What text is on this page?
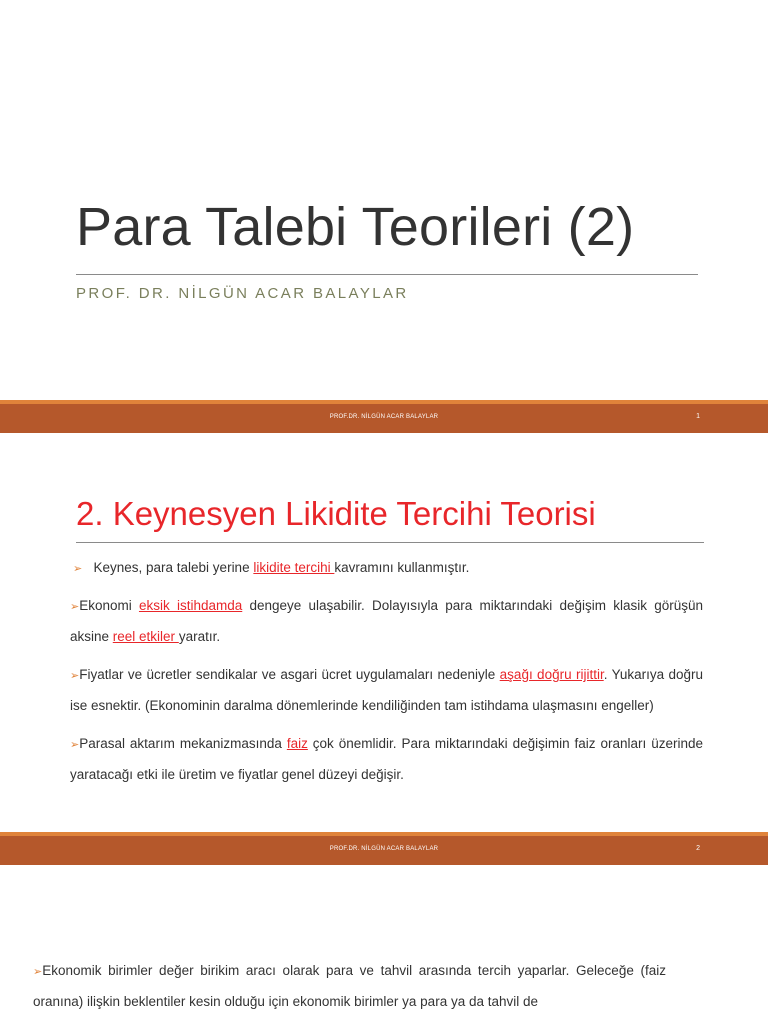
Para Talebi Teorileri (2)
PROF. DR. NİLGÜN ACAR BALAYLAR
PROF.DR. NİLGÜN ACAR BALAYLAR	1
2. Keynesyen Likidite Tercihi Teorisi

➢ Keynes, para talebi yerine likidite tercihi kavramını kullanmıştır.

➢Ekonomi eksik istihdamda dengeye ulaşabilir. Dolayısıyla para miktarındaki değişim klasik görüşün aksine reel etkiler yaratır.

➢Fiyatlar ve ücretler sendikalar ve asgari ücret uygulamaları nedeniyle aşağı doğru rijittir. Yukarıya doğru ise esnektir. (Ekonominin daralma dönemlerinde kendiliğinden tam istihdama ulaşmasını engeller)

➢Parasal aktarım mekanizmasında faiz çok önemlidir. Para miktarındaki değişimin faiz oranları üzerinde yaratacağı etki ile üretim ve fiyatlar genel düzeyi değişir.

PROF.DR. NİLGÜN ACAR BALAYLAR	2

➢Ekonomik birimler değer birikim aracı olarak para ve tahvil arasında tercih yaparlar. Geleceğe (faiz oranına) ilişkin beklentiler kesin olduğu için ekonomik birimler ya para ya da tahvil de
